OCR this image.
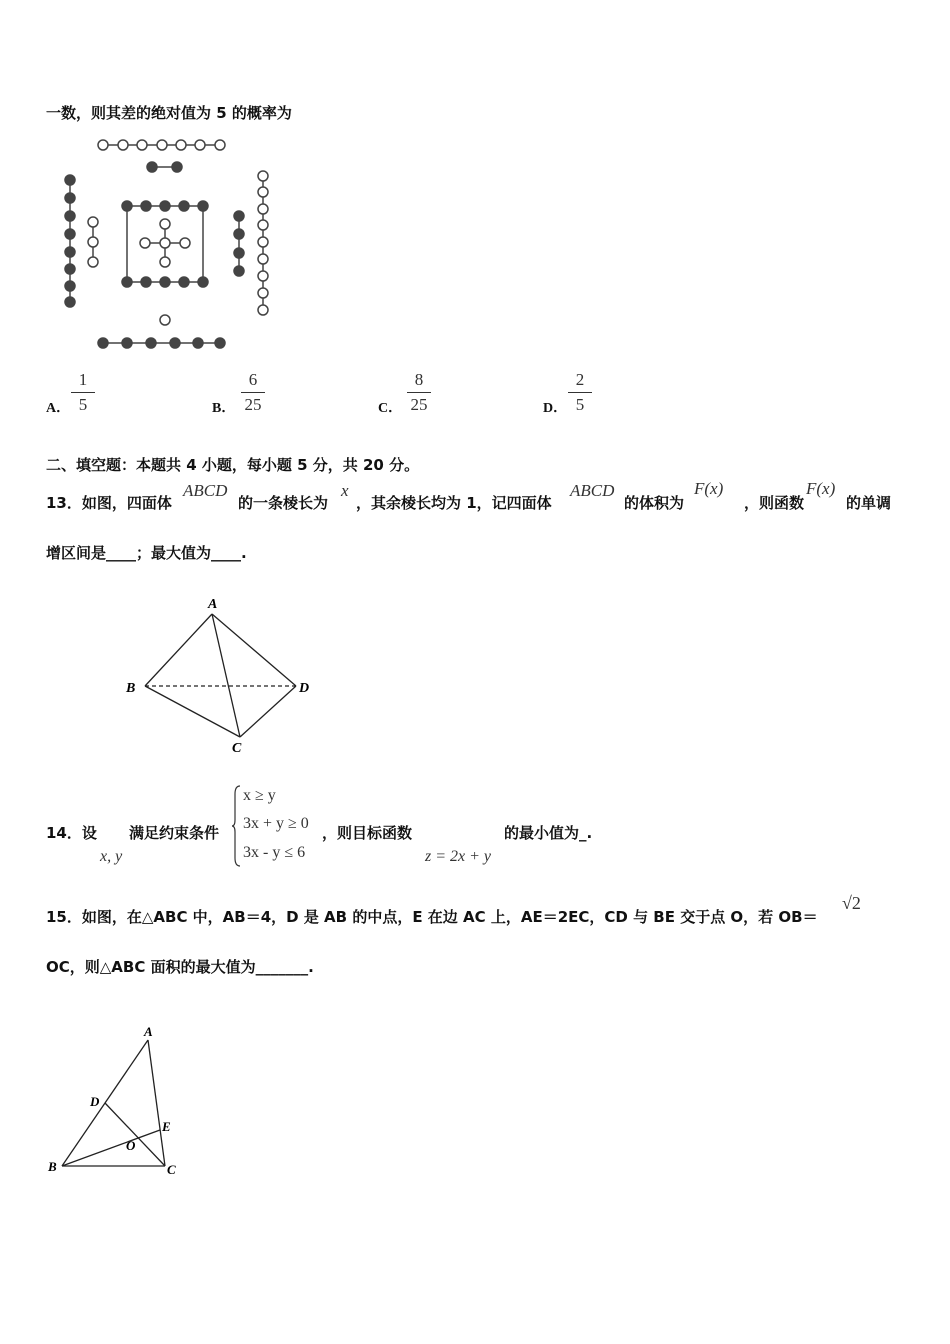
一数，则其差的绝对值为 5 的概率为
A．
1
5	B．
6
25	C．
8
25	D．
2
5
二、填空题：本题共 4 小题，每小题 5 分，共 20 分。
13．如图，四面体
ABCD
的一条棱长为
x
，其余棱长均为 1，记四面体
ABCD
的体积为
F(x)
，则函数
F(x)
的单调
增区间是____；最大值为____.
A
B	D
C
14．设
x, y
满足约束条件
x ≥ y
3x + y ≥ 0
3x - y ≤ 6
，则目标函数
z = 2x + y
的最小值为_.
15．如图，在△ABC 中，AB＝4，D 是 AB 的中点，E 在边 AC 上，AE＝2EC，CD 与 BE 交于点 O，若 OB＝
√2
OC，则△ABC 面积的最大值为_______.
A
D
E
O
B	C
